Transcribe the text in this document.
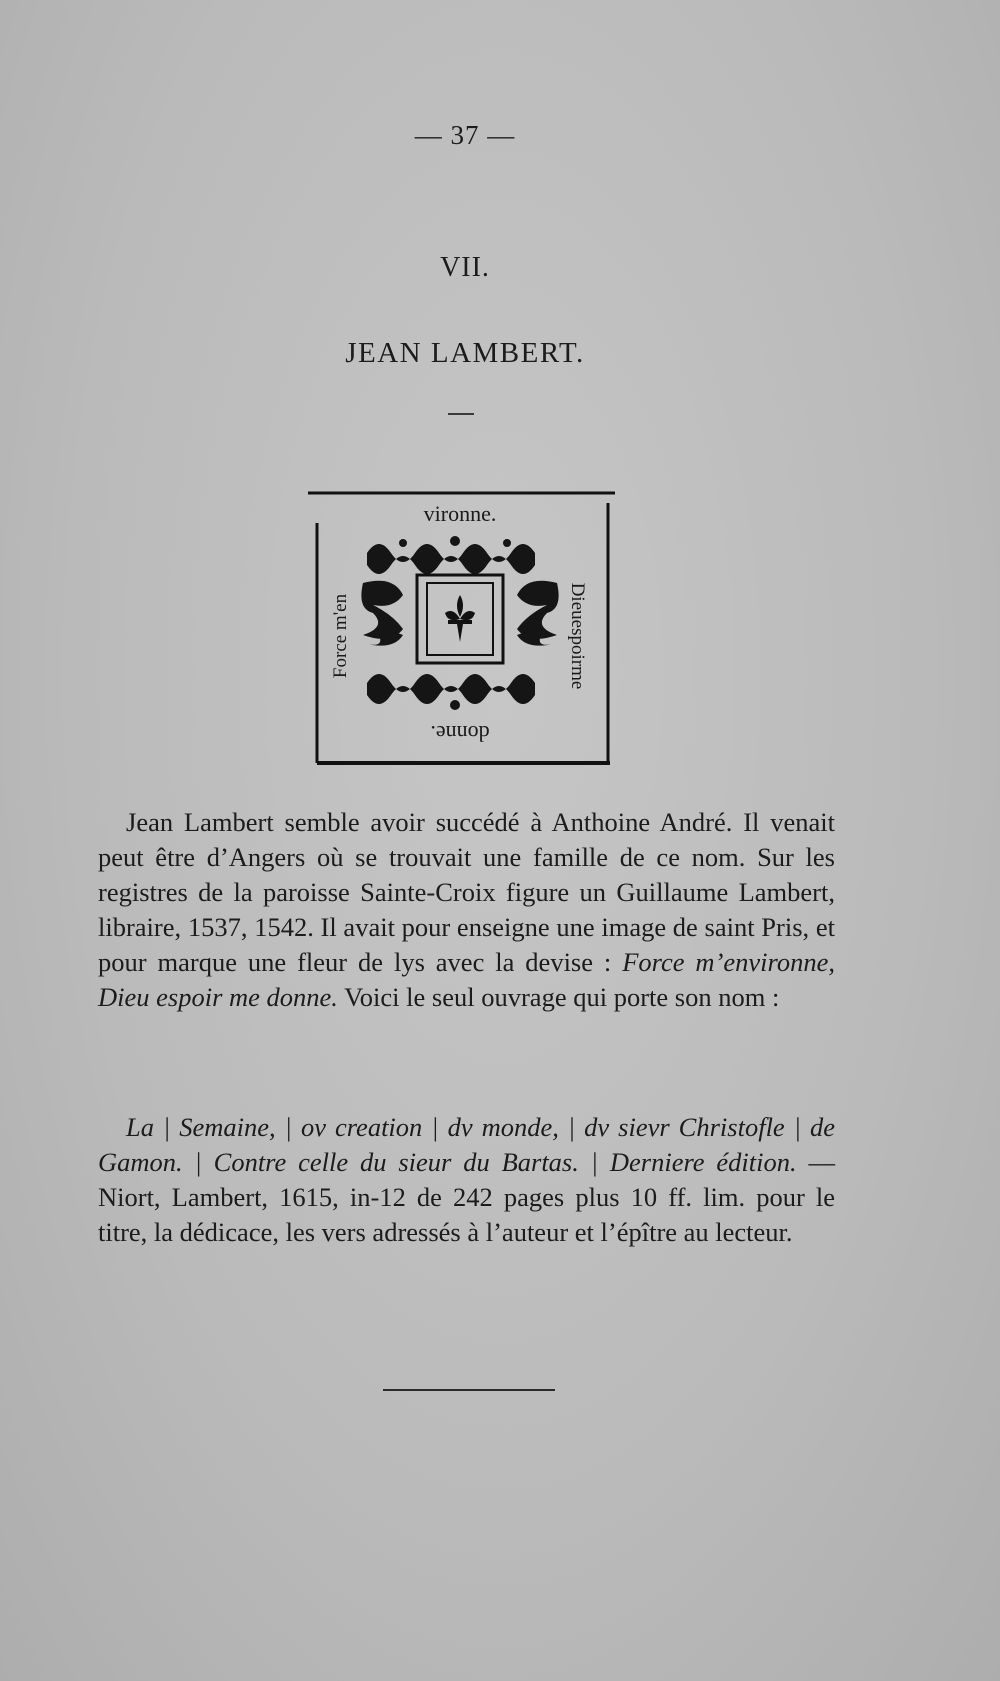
— 37 —
VII.
JEAN LAMBERT.
vironne.
Force m'en	Dieuespoirme
donne.

Jean Lambert semble avoir succédé à Anthoine André. Il venait peut être d’Angers où se trouvait une famille de ce nom. Sur les registres de la paroisse Sainte-Croix figure un Guillaume Lambert, libraire, 1537, 1542. Il avait pour enseigne une image de saint Pris, et pour marque une fleur de lys avec la devise : Force m’environne, Dieu espoir me donne. Voici le seul ouvrage qui porte son nom :

La | Semaine, | ov creation | dv monde, | dv sievr Christofle | de Gamon. | Contre celle du sieur du Bartas. | Derniere édition. — Niort, Lambert, 1615, in-12 de 242 pages plus 10 ff. lim. pour le titre, la dédicace, les vers adressés à l’auteur et l’épître au lecteur.
